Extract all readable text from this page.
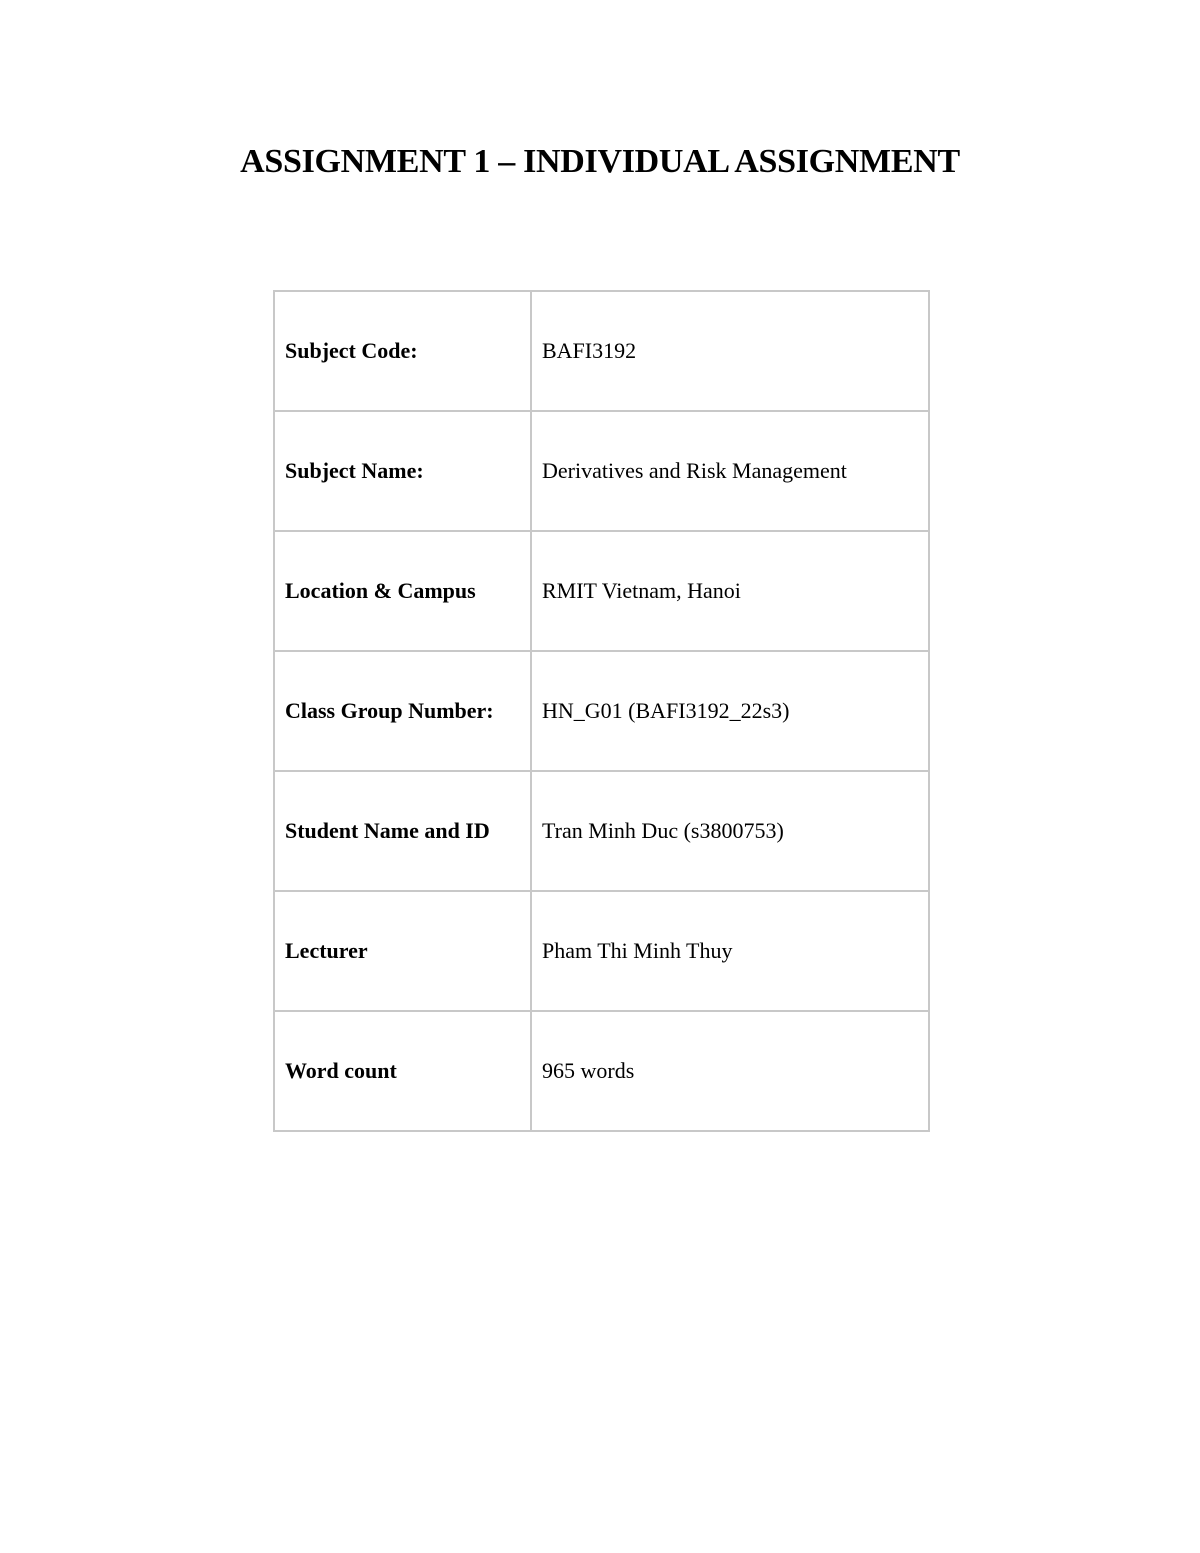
ASSIGNMENT 1 – INDIVIDUAL ASSIGNMENT
Subject Code:	BAFI3192
Subject Name:	Derivatives and Risk Management
Location & Campus	RMIT Vietnam, Hanoi
Class Group Number:	HN_G01 (BAFI3192_22s3)
Student Name and ID	Tran Minh Duc (s3800753)
Lecturer	Pham Thi Minh Thuy
Word count	965 words
